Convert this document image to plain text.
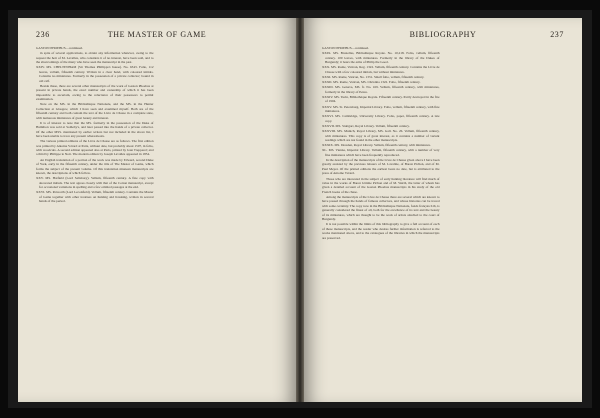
236	THE MASTER OF GAME

GASTON PHOEBUS—continued.

in spite of several applications, to obtain any information whatever, owing to the request the heir of M. Lavallée, who considers it of no interest, have been sold, and to the shortcomings of the many who have seen the manuscript in the past.

XXIV. MS. CHELTENHAM (Sir Thomas Phillipps's house). No. 6343. Folio, 112 leaves, vellum, fifteenth century. Written in a clear hand, with coloured initials. Contains no miniatures. Formerly in the possession of a private collector; bound in old calf.

Beside these, there are several other manuscripts of the work of Gaston Phoebus at present in private hands, the exact number and ownership of which it has been impossible to ascertain, owing to the reluctance of their possessors to permit examination.

Note on the MS. in the Bibliothèque Nationale, and the MS. in the Hunter Collection at Glasgow, which I have seen and examined myself. Both are of the fifteenth century and both contain the text of the Livre de Chasse in a complete state, with numerous miniatures of great beauty and interest.

It is of interest to note that the MS. formerly in the possession of the Duke of Hamilton was sold at Sotheby's, and later passed into the hands of a private collector. Of the other MSS. mentioned by earlier writers but not included in the above list, I have been unable to trace any present whereabouts.

The various printed editions of the Livre de Chasse are as follows. The first edition was printed by Antoine Vérard at Paris, without date, but probably about 1507, in folio, with woodcuts. A second edition appeared also at Paris, printed by Jean Trepperel; and a third by Philippe le Noir. The modern edition by Joseph Lavallée appeared in 1854.

An English translation of a portion of the work was made by Edward, second Duke of York, early in the fifteenth century, under the title of The Master of Game, which forms the subject of the present volume. Of this translation nineteen manuscripts are known, the descriptions of which follow.

XXV. MS. Hatfield (Lord Salisbury). Vellum, fifteenth century. A fine copy with decorated initials. The text agrees closely with that of the Cotton manuscript, except for occasional variations in spelling and a few omitted passages at the end.

XXVI. MS. Petworth (Lord Leconfield). Vellum, fifteenth century. Contains the Master of Game together with other treatises on hunting and hawking, written in several hands of the period.

BIBLIOGRAPHY	237

GASTON PHOEBUS—continued.

XXIX. MS. Bruxelles, Bibliothèque Royale. No. 10,218. Folio, vellum, fifteenth century. 100 leaves, with miniatures. Formerly in the library of the Dukes of Burgundy; it bears the arms of Philip the Good.

XXX. MS. Rome, Vatican, Reg. 1322. Vellum, fifteenth century. Contains the Livre de Chasse with a few coloured initials, but without miniatures.

XXXI. MS. Rome, Vatican, No. 1331. Small folio, vellum, fifteenth century.

XXXII. MS. Rome, Vatican, MS. Christina 1322. Folio, fifteenth century.

XXXIII. MS. Geneva, MS. fr. No. 169. Vellum, fifteenth century, with miniatures, formerly in the library of Petau.

XXXIV. MS. Turin, Bibliothèque Royale. Fifteenth century. Partly destroyed in the fire of 1904.

XXXV. MS. St. Petersburg, Imperial Library. Folio, vellum, fifteenth century, with fine miniatures.

XXXVI. MS. Cambridge, University Library. Folio, paper, fifteenth century. A late copy.

XXXVII. MS. Stuttgart, Royal Library. Vellum, fifteenth century.

XXXVIII. MS. Munich, Royal Library, MS. Gall. No. 26. Vellum, fifteenth century, with miniatures. This copy is of great interest, as it contains a number of variant readings which are not found in the other manuscripts.

XXXIX. MS. Dresden, Royal Library. Vellum, fifteenth century, with miniatures.

XL. MS. Vienna, Imperial Library. Vellum, fifteenth century, with a number of very fine miniatures which have been frequently reproduced.

In the description of the manuscripts of the Livre de Chasse given above I have been greatly assisted by the previous labours of M. Lavallée, of Baron Pichon, and of M. Paul Meyer. Of the printed editions the earliest bears no date, but is attributed to the press of Antoine Vérard.

Those who are interested in the subject of early hunting literature will find much of value in the works of Baron Jérôme Pichon and of M. Werth, the latter of whom has given a detailed account of the Gaston Phoebus manuscripts in his study of the old French books of the chase.

Among the manuscripts of the Livre de Chasse there are several which are known to have passed through the hands of famous collectors, and whose histories can be traced with some certainty. The copy now in the Bibliothèque Nationale, fonds français 616, is generally considered the finest of all, both for the excellence of its text and the beauty of its miniatures, which are thought to be the work of artists attached to the court of Burgundy.

It is not possible within the limits of this bibliography to give a full account of each of these manuscripts, and the reader who desires further information is referred to the works mentioned above, and to the catalogues of the libraries in which the manuscripts are preserved.
